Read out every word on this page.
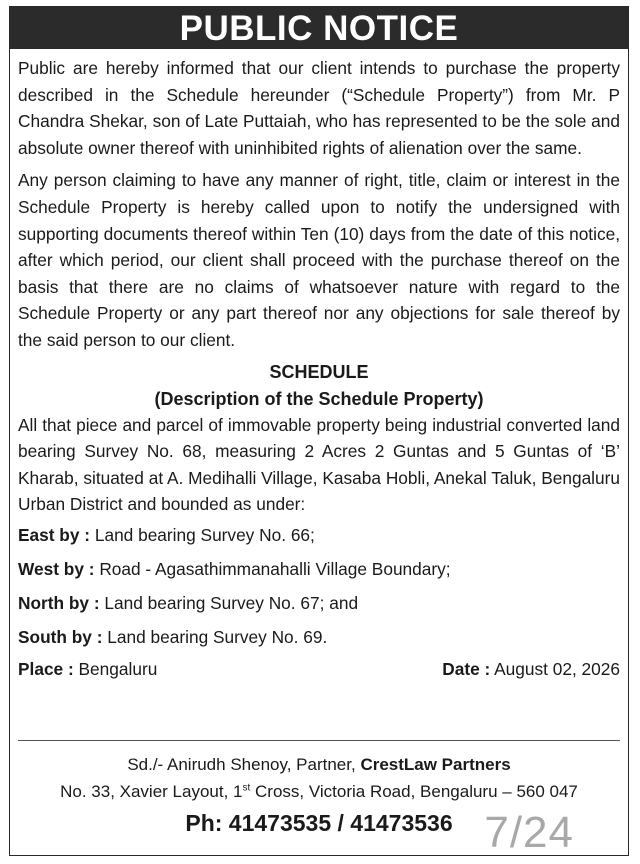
PUBLIC NOTICE

Public are hereby informed that our client intends to purchase the property described in the Schedule hereunder (“Schedule Property”) from Mr. P Chandra Shekar, son of Late Puttaiah, who has represented to be the sole and absolute owner thereof with uninhibited rights of alienation over the same.

Any person claiming to have any manner of right, title, claim or interest in the Schedule Property is hereby called upon to notify the undersigned with supporting documents thereof within Ten (10) days from the date of this notice, after which period, our client shall proceed with the purchase thereof on the basis that there are no claims of whatsoever nature with regard to the Schedule Property or any part thereof nor any objections for sale thereof by the said person to our client.

SCHEDULE
(Description of the Schedule Property)

All that piece and parcel of immovable property being industrial converted land bearing Survey No. 68, measuring 2 Acres 2 Guntas and 5 Guntas of ‘B’ Kharab, situated at A. Medihalli Village, Kasaba Hobli, Anekal Taluk, Bengaluru Urban District and bounded as under:

East by : Land bearing Survey No. 66;
West by : Road - Agasathimmanahalli Village Boundary;
North by : Land bearing Survey No. 67; and
South by : Land bearing Survey No. 69.
Place : Bengaluru	Date : August 02, 2026
Sd./- Anirudh Shenoy, Partner, CrestLaw Partners
No. 33, Xavier Layout, 1st Cross, Victoria Road, Bengaluru – 560 047
Ph: 41473535 / 41473536 7/24
